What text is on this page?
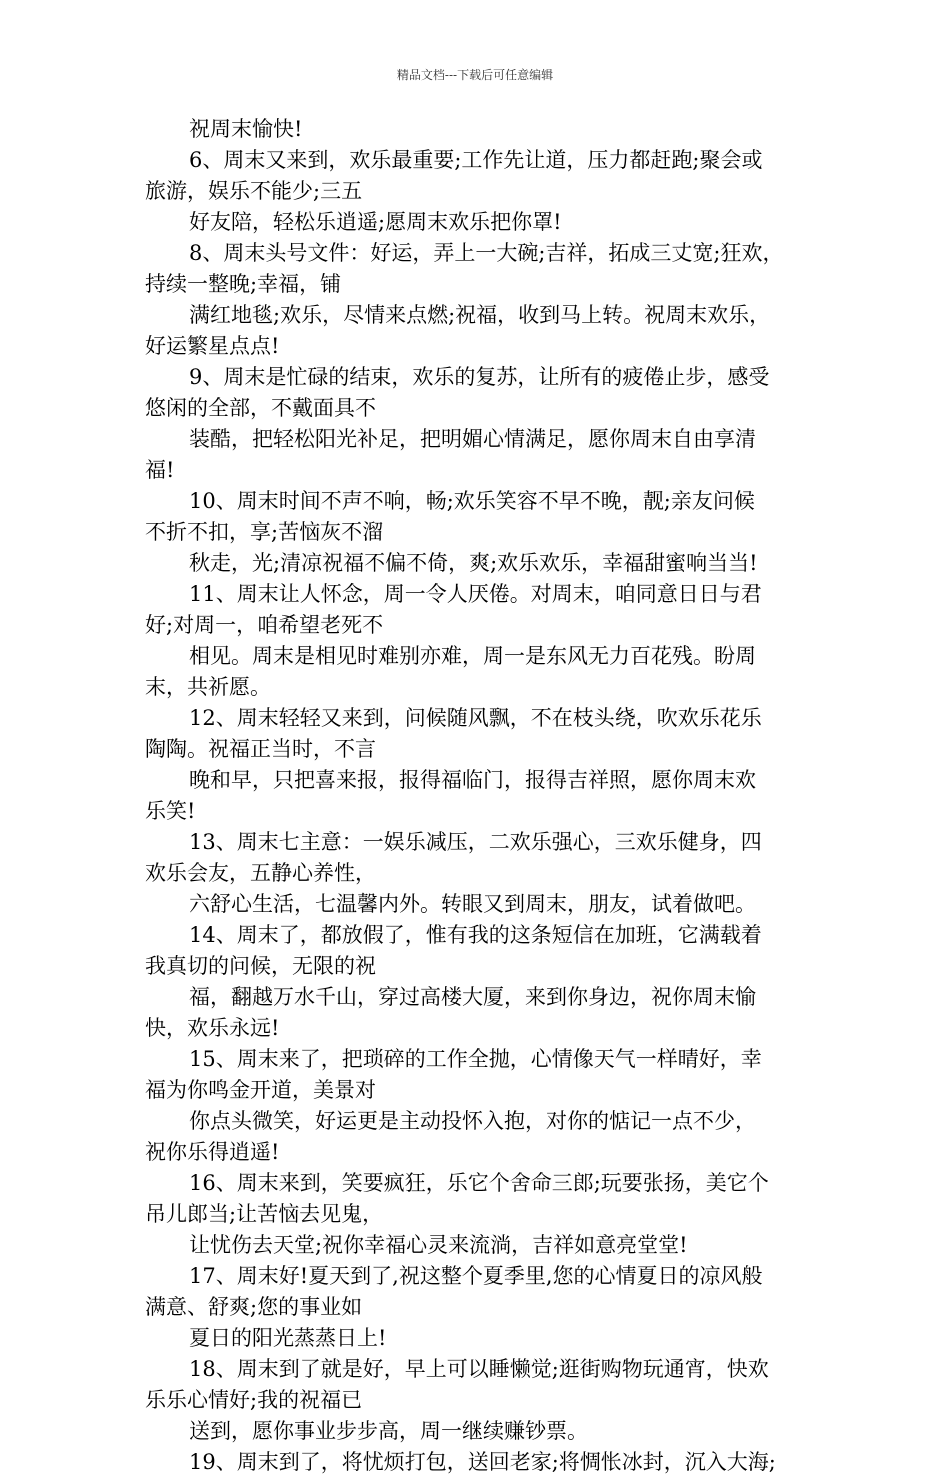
精品文档---下载后可任意编辑
祝周末愉快!
6、周末又来到，欢乐最重要;工作先让道，压力都赶跑;聚会或
旅游，娱乐不能少;三五
好友陪，轻松乐逍遥;愿周末欢乐把你罩!
8、周末头号文件：好运，弄上一大碗;吉祥，拓成三丈宽;狂欢，
持续一整晚;幸福，铺
满红地毯;欢乐，尽情来点燃;祝福，收到马上转。祝周末欢乐，
好运繁星点点!
9、周末是忙碌的结束，欢乐的复苏，让所有的疲倦止步，感受
悠闲的全部，不戴面具不
装酷，把轻松阳光补足，把明媚心情满足，愿你周末自由享清
福!
10、周末时间不声不响，畅;欢乐笑容不早不晚，靓;亲友问候
不折不扣，享;苦恼灰不溜
秋走，光;清凉祝福不偏不倚，爽;欢乐欢乐，幸福甜蜜响当当!
11、周末让人怀念，周一令人厌倦。对周末，咱同意日日与君
好;对周一，咱希望老死不
相见。周末是相见时难别亦难，周一是东风无力百花残。盼周
末，共祈愿。
12、周末轻轻又来到，问候随风飘，不在枝头绕，吹欢乐花乐
陶陶。祝福正当时，不言
晚和早，只把喜来报，报得福临门，报得吉祥照，愿你周末欢
乐笑!
13、周末七主意：一娱乐减压，二欢乐强心，三欢乐健身，四
欢乐会友，五静心养性，
六舒心生活，七温馨内外。转眼又到周末，朋友，试着做吧。
14、周末了，都放假了，惟有我的这条短信在加班，它满载着
我真切的问候，无限的祝
福，翻越万水千山，穿过高楼大厦，来到你身边，祝你周末愉
快，欢乐永远!
15、周末来了，把琐碎的工作全抛，心情像天气一样晴好，幸
福为你鸣金开道，美景对
你点头微笑，好运更是主动投怀入抱，对你的惦记一点不少，
祝你乐得逍遥!
16、周末来到，笑要疯狂，乐它个舍命三郎;玩要张扬，美它个
吊儿郎当;让苦恼去见鬼，
让忧伤去天堂;祝你幸福心灵来流淌，吉祥如意亮堂堂!
17、周末好!夏天到了,祝这整个夏季里,您的心情夏日的凉风般
满意、舒爽;您的事业如
夏日的阳光蒸蒸日上!
18、周末到了就是好，早上可以睡懒觉;逛街购物玩通宵，快欢
乐乐心情好;我的祝福已
送到，愿你事业步步高，周一继续赚钞票。
19、周末到了，将忧烦打包，送回老家;将惆怅冰封，沉入大海;
